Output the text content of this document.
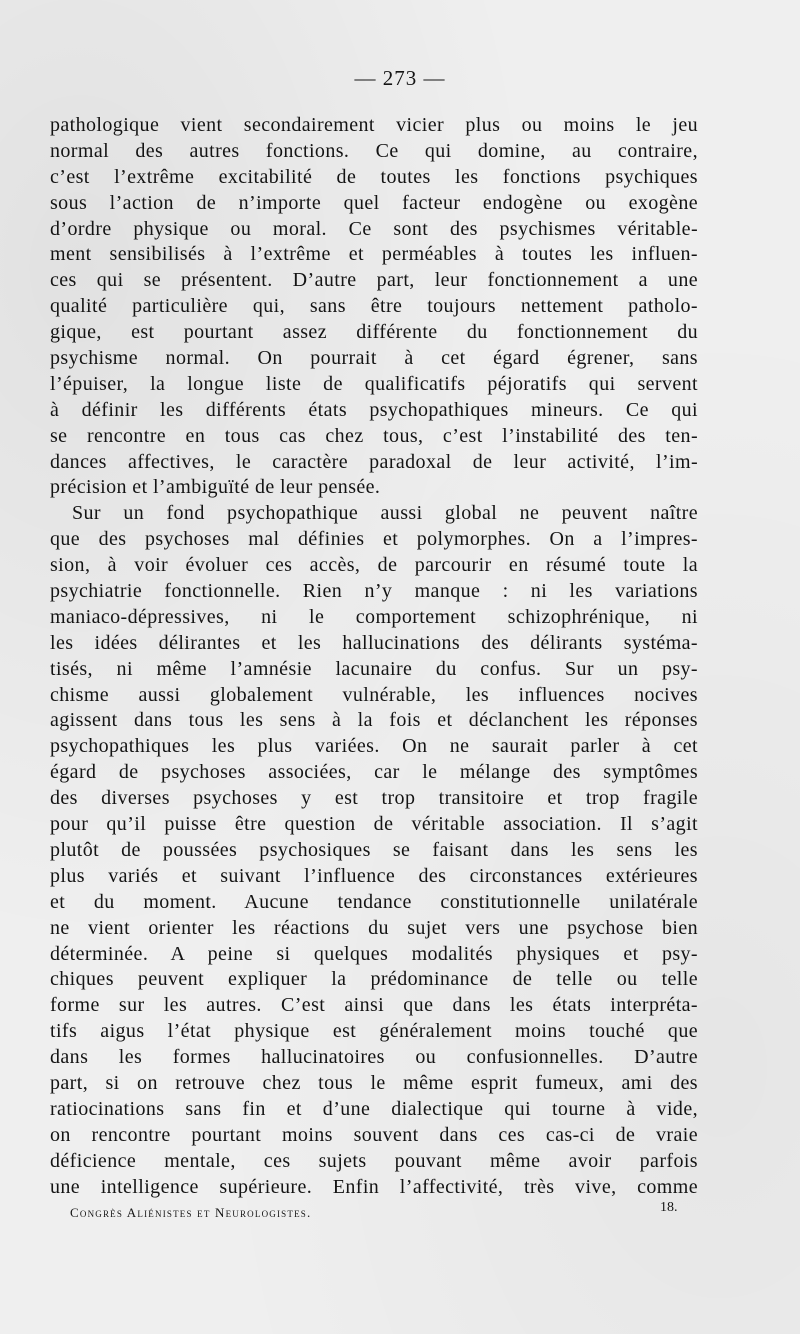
— 273 —
pathologique vient secondairement vicier plus ou moins le jeu
normal des autres fonctions. Ce qui domine, au contraire,
c’est l’extrême excitabilité de toutes les fonctions psychiques
sous l’action de n’importe quel facteur endogène ou exogène
d’ordre physique ou moral. Ce sont des psychismes véritable-
ment sensibilisés à l’extrême et perméables à toutes les influen-
ces qui se présentent. D’autre part, leur fonctionnement a une
qualité particulière qui, sans être toujours nettement patholo-
gique, est pourtant assez différente du fonctionnement du
psychisme normal. On pourrait à cet égard égrener, sans
l’épuiser, la longue liste de qualificatifs péjoratifs qui servent
à définir les différents états psychopathiques mineurs. Ce qui
se rencontre en tous cas chez tous, c’est l’instabilité des ten-
dances affectives, le caractère paradoxal de leur activité, l’im-
précision et l’ambiguïté de leur pensée.
Sur un fond psychopathique aussi global ne peuvent naître
que des psychoses mal définies et polymorphes. On a l’impres-
sion, à voir évoluer ces accès, de parcourir en résumé toute la
psychiatrie fonctionnelle. Rien n’y manque : ni les variations
maniaco-dépressives, ni le comportement schizophrénique, ni
les idées délirantes et les hallucinations des délirants systéma-
tisés, ni même l’amnésie lacunaire du confus. Sur un psy-
chisme aussi globalement vulnérable, les influences nocives
agissent dans tous les sens à la fois et déclanchent les réponses
psychopathiques les plus variées. On ne saurait parler à cet
égard de psychoses associées, car le mélange des symptômes
des diverses psychoses y est trop transitoire et trop fragile
pour qu’il puisse être question de véritable association. Il s’agit
plutôt de poussées psychosiques se faisant dans les sens les
plus variés et suivant l’influence des circonstances extérieures
et du moment. Aucune tendance constitutionnelle unilatérale
ne vient orienter les réactions du sujet vers une psychose bien
déterminée. A peine si quelques modalités physiques et psy-
chiques peuvent expliquer la prédominance de telle ou telle
forme sur les autres. C’est ainsi que dans les états interpréta-
tifs aigus l’état physique est généralement moins touché que
dans les formes hallucinatoires ou confusionnelles. D’autre
part, si on retrouve chez tous le même esprit fumeux, ami des
ratiocinations sans fin et d’une dialectique qui tourne à vide,
on rencontre pourtant moins souvent dans ces cas-ci de vraie
déficience mentale, ces sujets pouvant même avoir parfois
une intelligence supérieure. Enfin l’affectivité, très vive, comme
Congrès Aliénistes et Neurologistes.	18.
